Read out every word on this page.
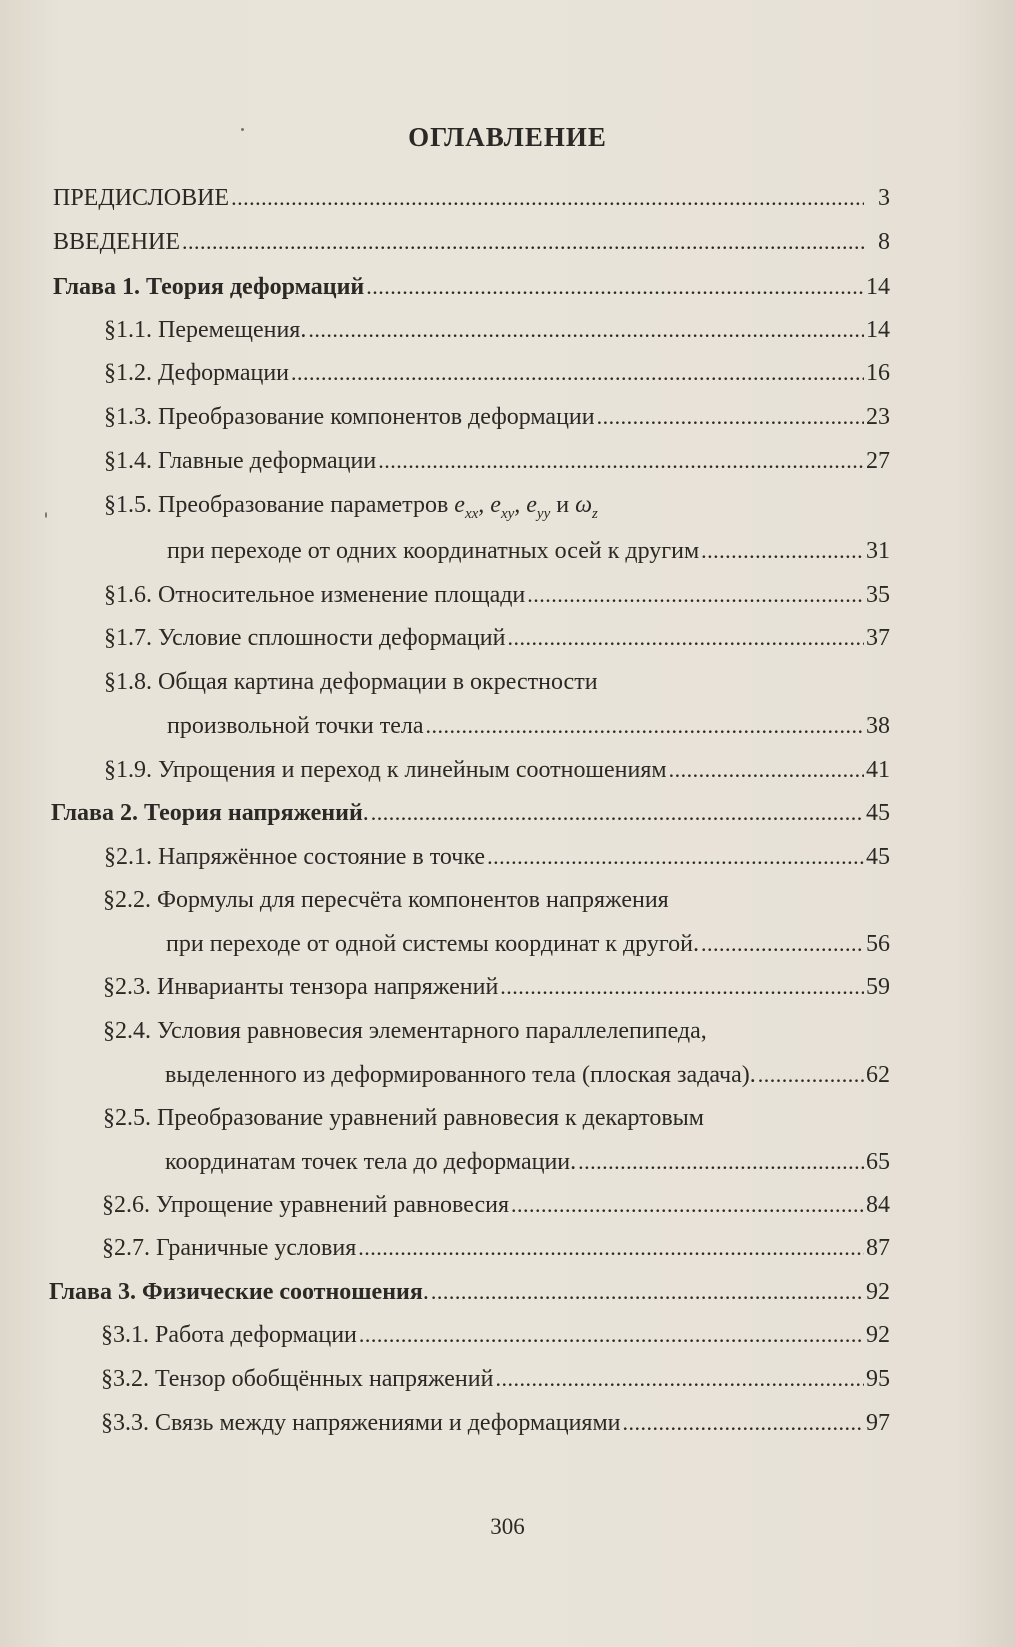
ОГЛАВЛЕНИЕ
ПРЕДИСЛОВИЕ .....	3
ВВЕДЕНИЕ .....	8
Глава 1. Теория деформаций .....	14
§1.1. Перемещения. .....	14
§1.2. Деформации .....	16
§1.3. Преобразование компонентов деформации .....	23
§1.4. Главные деформации .....	27
§1.5. Преобразование параметров $e_{xx}$, $e_{xy}$, $e_{yy}$ и $\omega_z$
при переходе от одних координатных осей к другим .....	31
§1.6. Относительное изменение площади .....	35
§1.7. Условие сплошности деформаций .....	37
§1.8. Общая картина деформации в окрестности
произвольной точки тела .....	38
§1.9. Упрощения и переход к линейным соотношениям .....	41
Глава 2. Теория напряжений . .....	45
§2.1. Напряжённое состояние в точке .....	45
§2.2. Формулы для пересчёта компонентов напряжения
при переходе от одной системы координат к другой. .....	56
§2.3. Инварианты тензора напряжений .....	59
§2.4. Условия равновесия элементарного параллелепипеда,
выделенного из деформированного тела (плоская задача). .....	62
§2.5. Преобразование уравнений равновесия к декартовым
координатам точек тела до деформации. .....	65
§2.6. Упрощение уравнений равновесия .....	84
§2.7. Граничные условия .....	87
Глава 3. Физические соотношения . .....	92
§3.1. Работа деформации .....	92
§3.2. Тензор обобщённых напряжений .....	95
§3.3. Связь между напряжениями и деформациями .....	97
306
